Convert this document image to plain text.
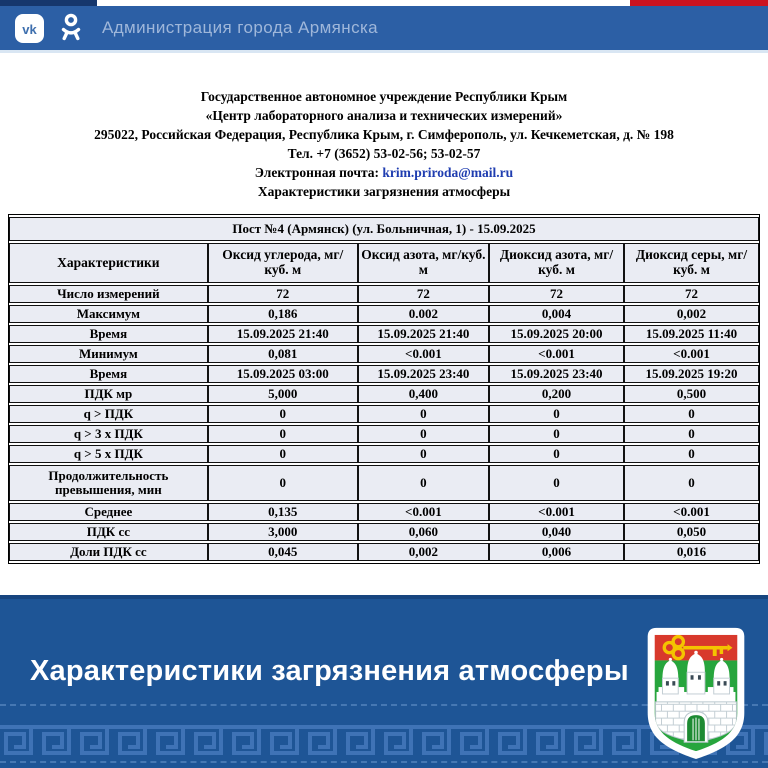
vk	Администрация города Армянска
Государственное автономное учреждение Республики Крым
«Центр лабораторного анализа и технических измерений»
295022, Российская Федерация, Республика Крым, г. Симферополь, ул. Кечкеметская, д. № 198
Тел. +7 (3652) 53-02-56; 53-02-57
Электронная почта: krim.priroda@mail.ru
Характеристики загрязнения атмосферы
Пост №4 (Армянск) (ул. Больничная, 1) - 15.09.2025				
Характеристики	Оксид углерода, мг/куб. м	Оксид азота, мг/куб. м	Диоксид азота, мг/куб. м	Диоксид серы, мг/куб. м
Число измерений	72	72	72	72
Максимум	0,186	0.002	0,004	0,002
Время	15.09.2025 21:40	15.09.2025 21:40	15.09.2025 20:00	15.09.2025 11:40
Минимум	0,081	<0.001	<0.001	<0.001
Время	15.09.2025 03:00	15.09.2025 23:40	15.09.2025 23:40	15.09.2025 19:20
ПДК мр	5,000	0,400	0,200	0,500
q > ПДК	0	0	0	0
q > 3 х ПДК	0	0	0	0
q > 5 х ПДК	0	0	0	0
Продолжительность превышения, мин	0	0	0	0
Среднее	0,135	<0.001	<0.001	<0.001
ПДК сс	3,000	0,060	0,040	0,050
Доли ПДК сс	0,045	0,002	0,006	0,016
Характеристики загрязнения атмосферы
